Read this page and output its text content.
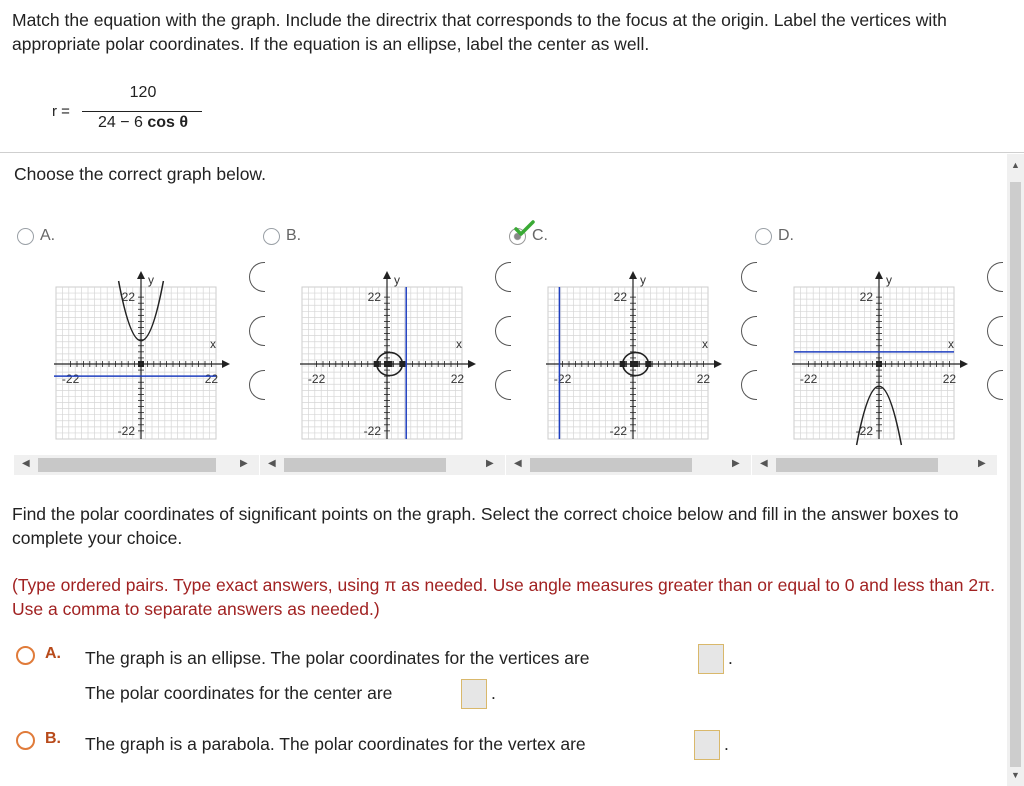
Match the equation with the graph. Include the directrix that corresponds to the focus at the origin. Label the vertices with appropriate polar coordinates. If the equation is an ellipse, label the center as well.
r =
120
24 − 6 cos θ
Choose the correct graph below.
A.	B.	C.	D.
y
x
22
-22
-22	22
y
x
22
-22
-22	22
y
x
22
-22
-22	22
y
x
22
-22
-22	22
◀	▶ ◀	▶ ◀	▶ ◀	▶
Find the polar coordinates of significant points on the graph. Select the correct choice below and fill in the answer boxes to complete your choice.
(Type ordered pairs. Type exact answers, using π as needed. Use angle measures greater than or equal to 0 and less than 2π. Use a comma to separate answers as needed.)
A. The graph is an ellipse. The polar coordinates for the vertices are	.
The polar coordinates for the center are	.
B. The graph is a parabola. The polar coordinates for the vertex are	.
▲
▼
